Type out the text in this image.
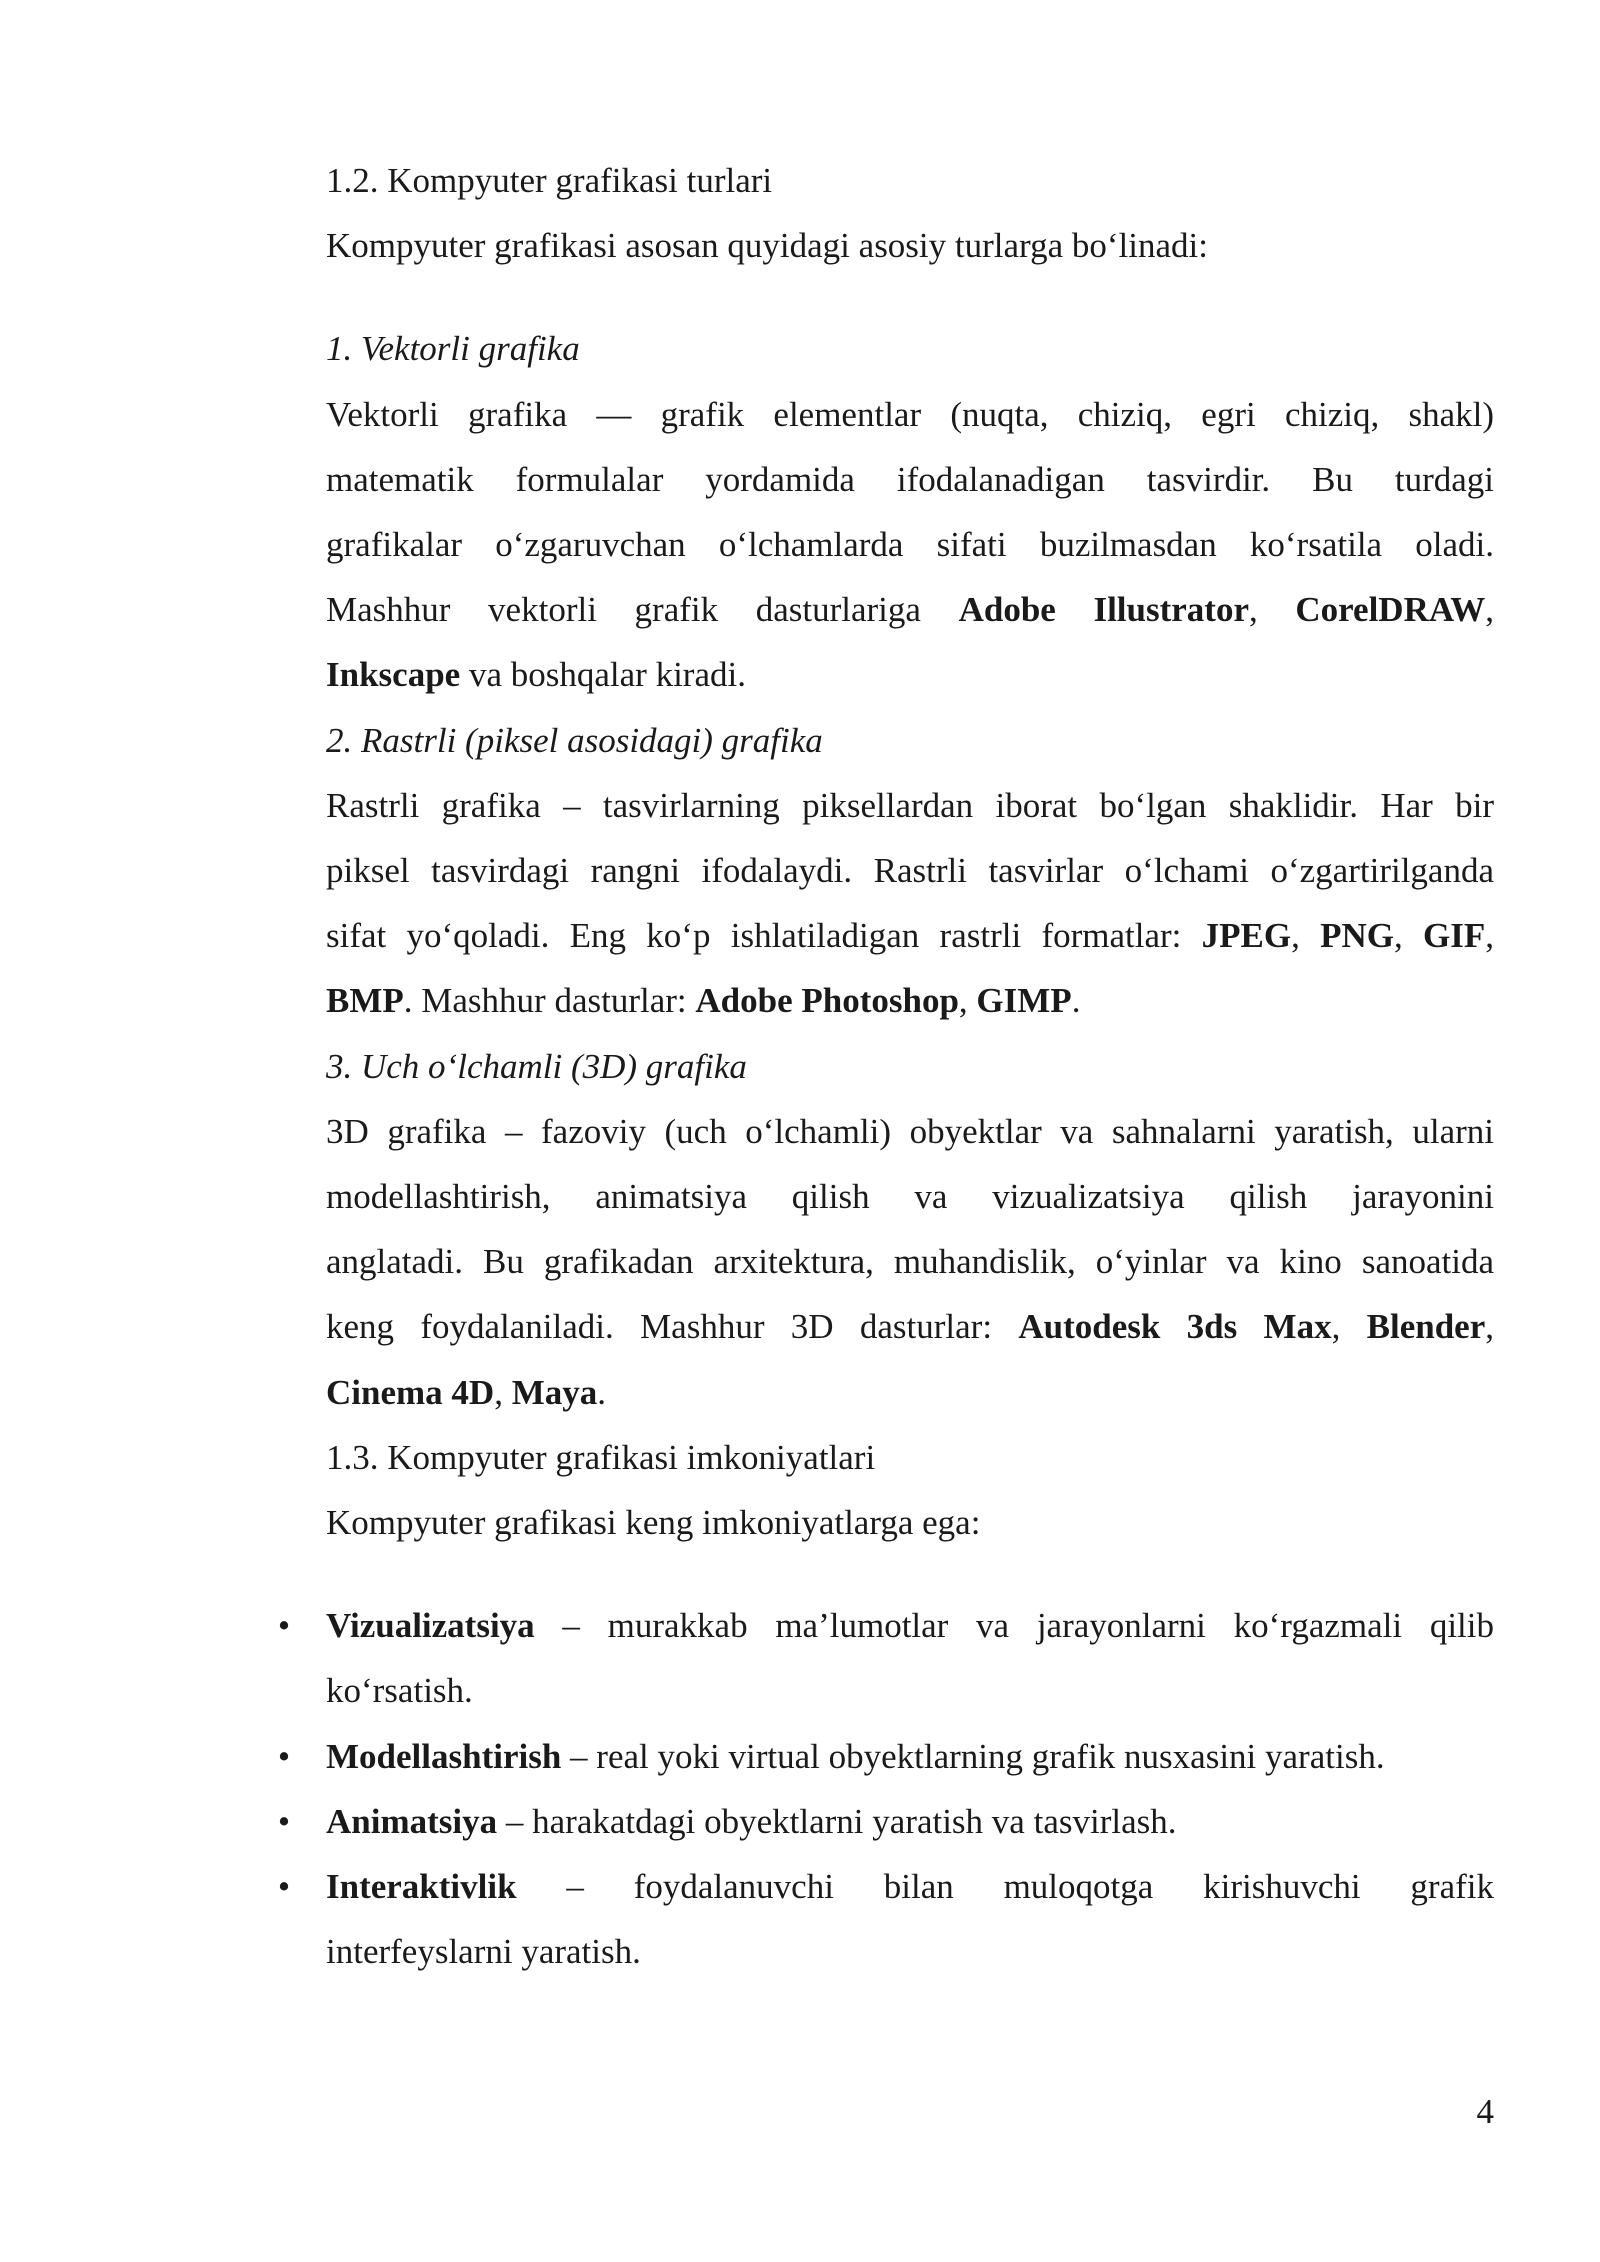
1.2. Kompyuter grafikasi turlari

Kompyuter grafikasi asosan quyidagi asosiy turlarga bo‘linadi:

1. Vektorli grafika

Vektorli grafika — grafik elementlar (nuqta, chiziq, egri chiziq, shakl)

matematik formulalar yordamida ifodalanadigan tasvirdir. Bu turdagi

grafikalar o‘zgaruvchan o‘lchamlarda sifati buzilmasdan ko‘rsatila oladi.

Mashhur vektorli grafik dasturlariga Adobe Illustrator, CorelDRAW,

Inkscape va boshqalar kiradi.

2. Rastrli (piksel asosidagi) grafika

Rastrli grafika – tasvirlarning piksellardan iborat bo‘lgan shaklidir. Har bir

piksel tasvirdagi rangni ifodalaydi. Rastrli tasvirlar o‘lchami o‘zgartirilganda

sifat yo‘qoladi. Eng ko‘p ishlatiladigan rastrli formatlar: JPEG, PNG, GIF,

BMP. Mashhur dasturlar: Adobe Photoshop, GIMP.

3. Uch o‘lchamli (3D) grafika

3D grafika – fazoviy (uch o‘lchamli) obyektlar va sahnalarni yaratish, ularni

modellashtirish, animatsiya qilish va vizualizatsiya qilish jarayonini

anglatadi. Bu grafikadan arxitektura, muhandislik, o‘yinlar va kino sanoatida

keng foydalaniladi. Mashhur 3D dasturlar: Autodesk 3ds Max, Blender,

Cinema 4D, Maya.

1.3. Kompyuter grafikasi imkoniyatlari

Kompyuter grafikasi keng imkoniyatlarga ega:

• Vizualizatsiya – murakkab ma’lumotlar va jarayonlarni ko‘rgazmali qilib

ko‘rsatish.

• Modellashtirish – real yoki virtual obyektlarning grafik nusxasini yaratish.

• Animatsiya – harakatdagi obyektlarni yaratish va tasvirlash.

• Interaktivlik – foydalanuvchi bilan muloqotga kirishuvchi grafik

interfeyslarni yaratish.

4
